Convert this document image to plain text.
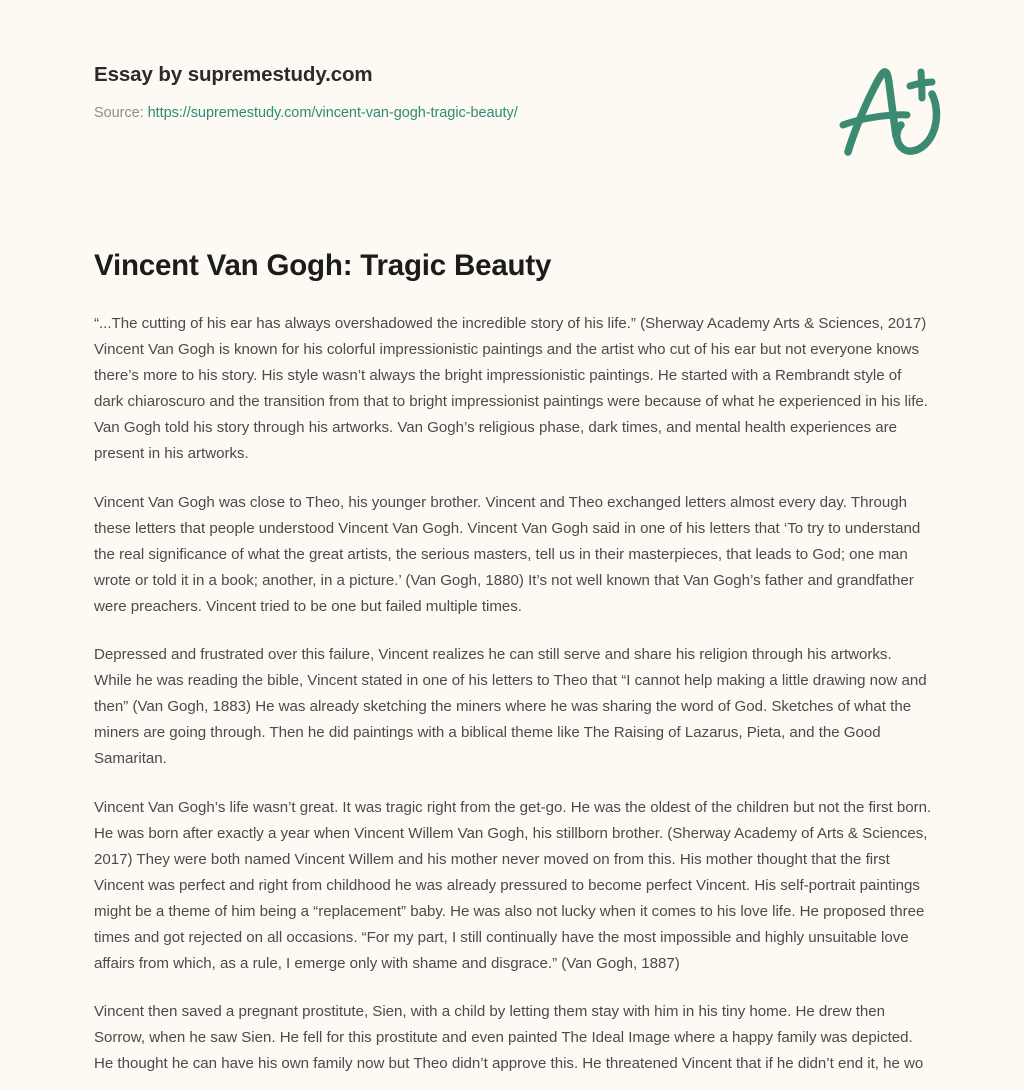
Essay by supremestudy.com
Source: https://supremestudy.com/vincent-van-gogh-tragic-beauty/
Vincent Van Gogh: Tragic Beauty

“...The cutting of his ear has always overshadowed the incredible story of his life.” (Sherway Academy Arts & Sciences, 2017) Vincent Van Gogh is known for his colorful impressionistic paintings and the artist who cut of his ear but not everyone knows there’s more to his story. His style wasn’t always the bright impressionistic paintings. He started with a Rembrandt style of dark chiaroscuro and the transition from that to bright impressionist paintings were because of what he experienced in his life. Van Gogh told his story through his artworks. Van Gogh’s religious phase, dark times, and mental health experiences are present in his artworks.

Vincent Van Gogh was close to Theo, his younger brother. Vincent and Theo exchanged letters almost every day. Through these letters that people understood Vincent Van Gogh. Vincent Van Gogh said in one of his letters that ‘To try to understand the real significance of what the great artists, the serious masters, tell us in their masterpieces, that leads to God; one man wrote or told it in a book; another, in a picture.’ (Van Gogh, 1880) It’s not well known that Van Gogh’s father and grandfather were preachers. Vincent tried to be one but failed multiple times.

Depressed and frustrated over this failure, Vincent realizes he can still serve and share his religion through his artworks. While he was reading the bible, Vincent stated in one of his letters to Theo that “I cannot help making a little drawing now and then” (Van Gogh, 1883) He was already sketching the miners where he was sharing the word of God. Sketches of what the miners are going through. Then he did paintings with a biblical theme like The Raising of Lazarus, Pieta, and the Good Samaritan.

Vincent Van Gogh’s life wasn’t great. It was tragic right from the get-go. He was the oldest of the children but not the first born. He was born after exactly a year when Vincent Willem Van Gogh, his stillborn brother. (Sherway Academy of Arts & Sciences, 2017) They were both named Vincent Willem and his mother never moved on from this. His mother thought that the first Vincent was perfect and right from childhood he was already pressured to become perfect Vincent. His self-portrait paintings might be a theme of him being a “replacement” baby. He was also not lucky when it comes to his love life. He proposed three times and got rejected on all occasions. “For my part, I still continually have the most impossible and highly unsuitable love affairs from which, as a rule, I emerge only with shame and disgrace.” (Van Gogh, 1887)

Vincent then saved a pregnant prostitute, Sien, with a child by letting them stay with him in his tiny home. He drew then Sorrow, when he saw Sien. He fell for this prostitute and even painted The Ideal Image where a happy family was depicted. He thought he can have his own family now but Theo didn’t approve this. He threatened Vincent that if he didn’t end it, he wo
